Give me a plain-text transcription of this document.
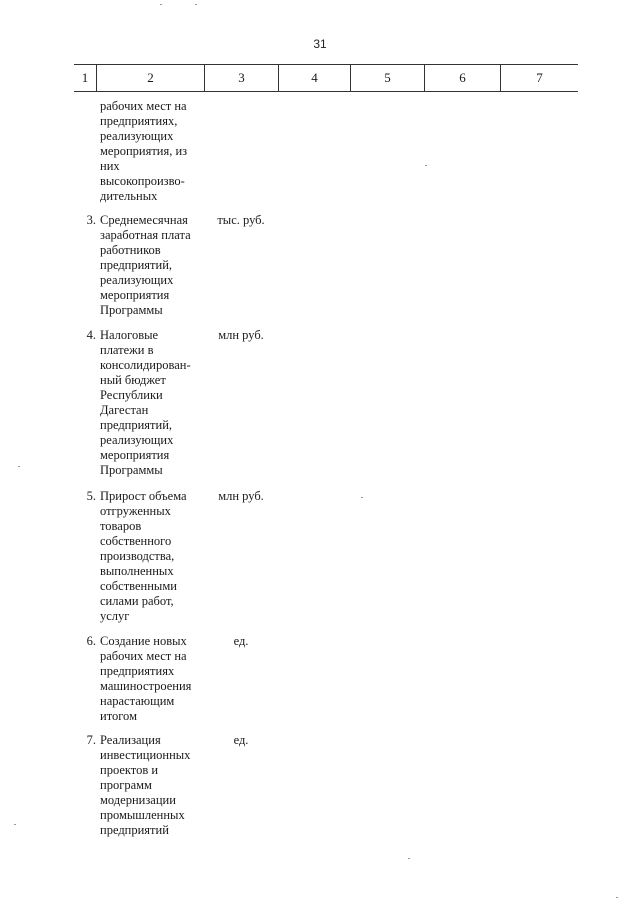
31
1	2	3	4	5	6	7
рабочих мест на
предприятиях,
реализующих
мероприятия, из
них
высокопроизво-
дительных
3. Среднемесячная
заработная плата
работников
предприятий,
реализующих
мероприятия
Программы
тыс. руб.
4. Налоговые
платежи в
консолидирован-
ный бюджет
Республики
Дагестан
предприятий,
реализующих
мероприятия
Программы
млн руб.
5. Прирост объема
отгруженных
товаров
собственного
производства,
выполненных
собственными
силами работ,
услуг
млн руб.
6. Создание новых
рабочих мест на
предприятиях
машиностроения
нарастающим
итогом
ед.
7. Реализация
инвестиционных
проектов и
программ
модернизации
промышленных
предприятий
ед.
